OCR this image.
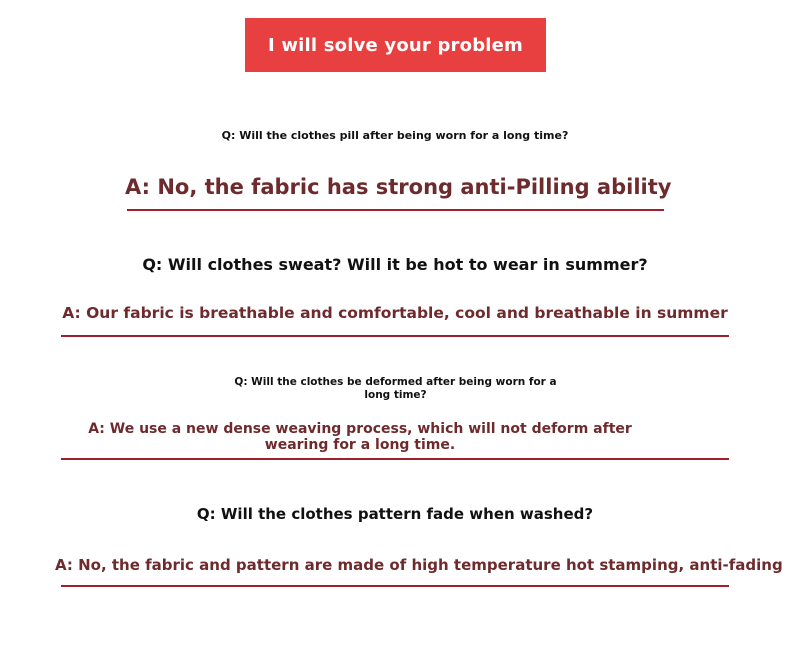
I will solve your problem
Q: Will the clothes pill after being worn for a long time?
A: No, the fabric has strong anti-Pilling ability
Q: Will clothes sweat? Will it be hot to wear in summer?
A: Our fabric is breathable and comfortable, cool and breathable in summer
Q: Will the clothes be deformed after being worn for a long time?
A: We use a new dense weaving process, which will not deform after wearing for a long time.
Q: Will the clothes pattern fade when washed?
A: No, the fabric and pattern are made of high temperature hot stamping, anti-fading
